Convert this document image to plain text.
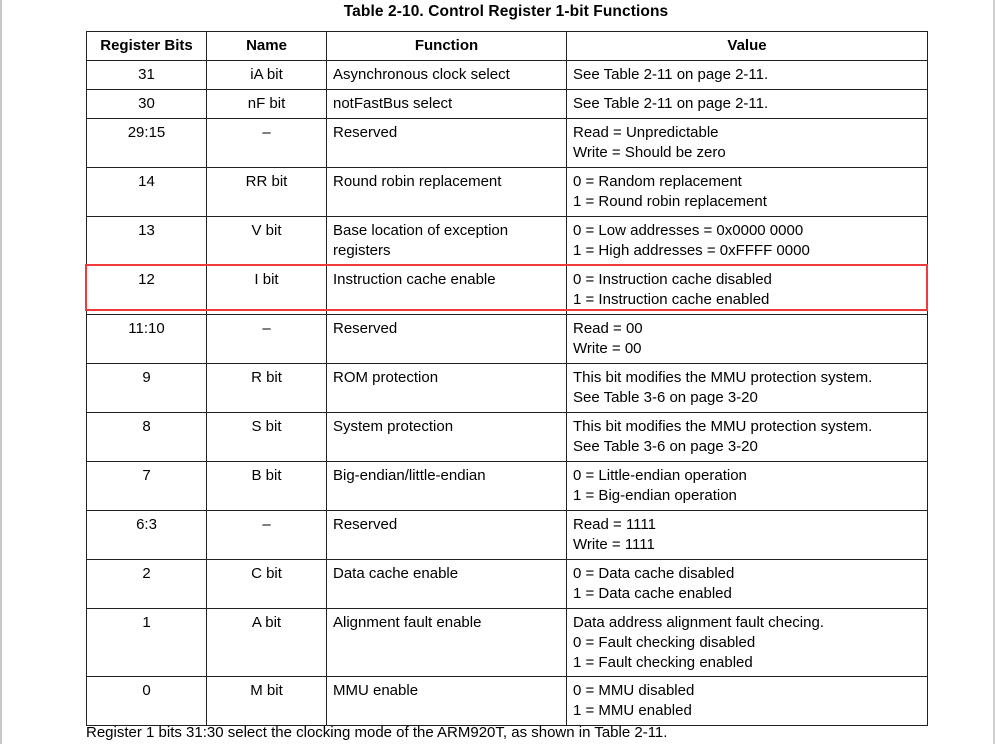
Table 2-10. Control Register 1-bit Functions
Register Bits	Name	Function	Value
31	iA bit	Asynchronous clock select	See Table 2-11 on page 2-11.

30	nF bit	notFastBus select	See Table 2-11 on page 2-11.

29:15	–	Reserved	Read = Unpredictable
Write = Should be zero

14	RR bit	Round robin replacement	0 = Random replacement
1 = Round robin replacement

13	V bit	Base location of exception
registers	0 = Low addresses = 0x0000 0000
1 = High addresses = 0xFFFF 0000

12	I bit	Instruction cache enable	0 = Instruction cache disabled
1 = Instruction cache enabled

11:10	–	Reserved	Read = 00
Write = 00

9	R bit	ROM protection	This bit modifies the MMU protection system.
See Table 3-6 on page 3-20

8	S bit	System protection	This bit modifies the MMU protection system.
See Table 3-6 on page 3-20

7	B bit	Big-endian/little-endian	0 = Little-endian operation
1 = Big-endian operation

6:3	–	Reserved	Read = 1111
Write = 1111

2	C bit	Data cache enable	0 = Data cache disabled
1 = Data cache enabled

1	A bit	Alignment fault enable	Data address alignment fault checing.
0 = Fault checking disabled
1 = Fault checking enabled

0	M bit	MMU enable	0 = MMU disabled
1 = MMU enabled
Register 1 bits 31:30 select the clocking mode of the ARM920T, as shown in Table 2-11.
